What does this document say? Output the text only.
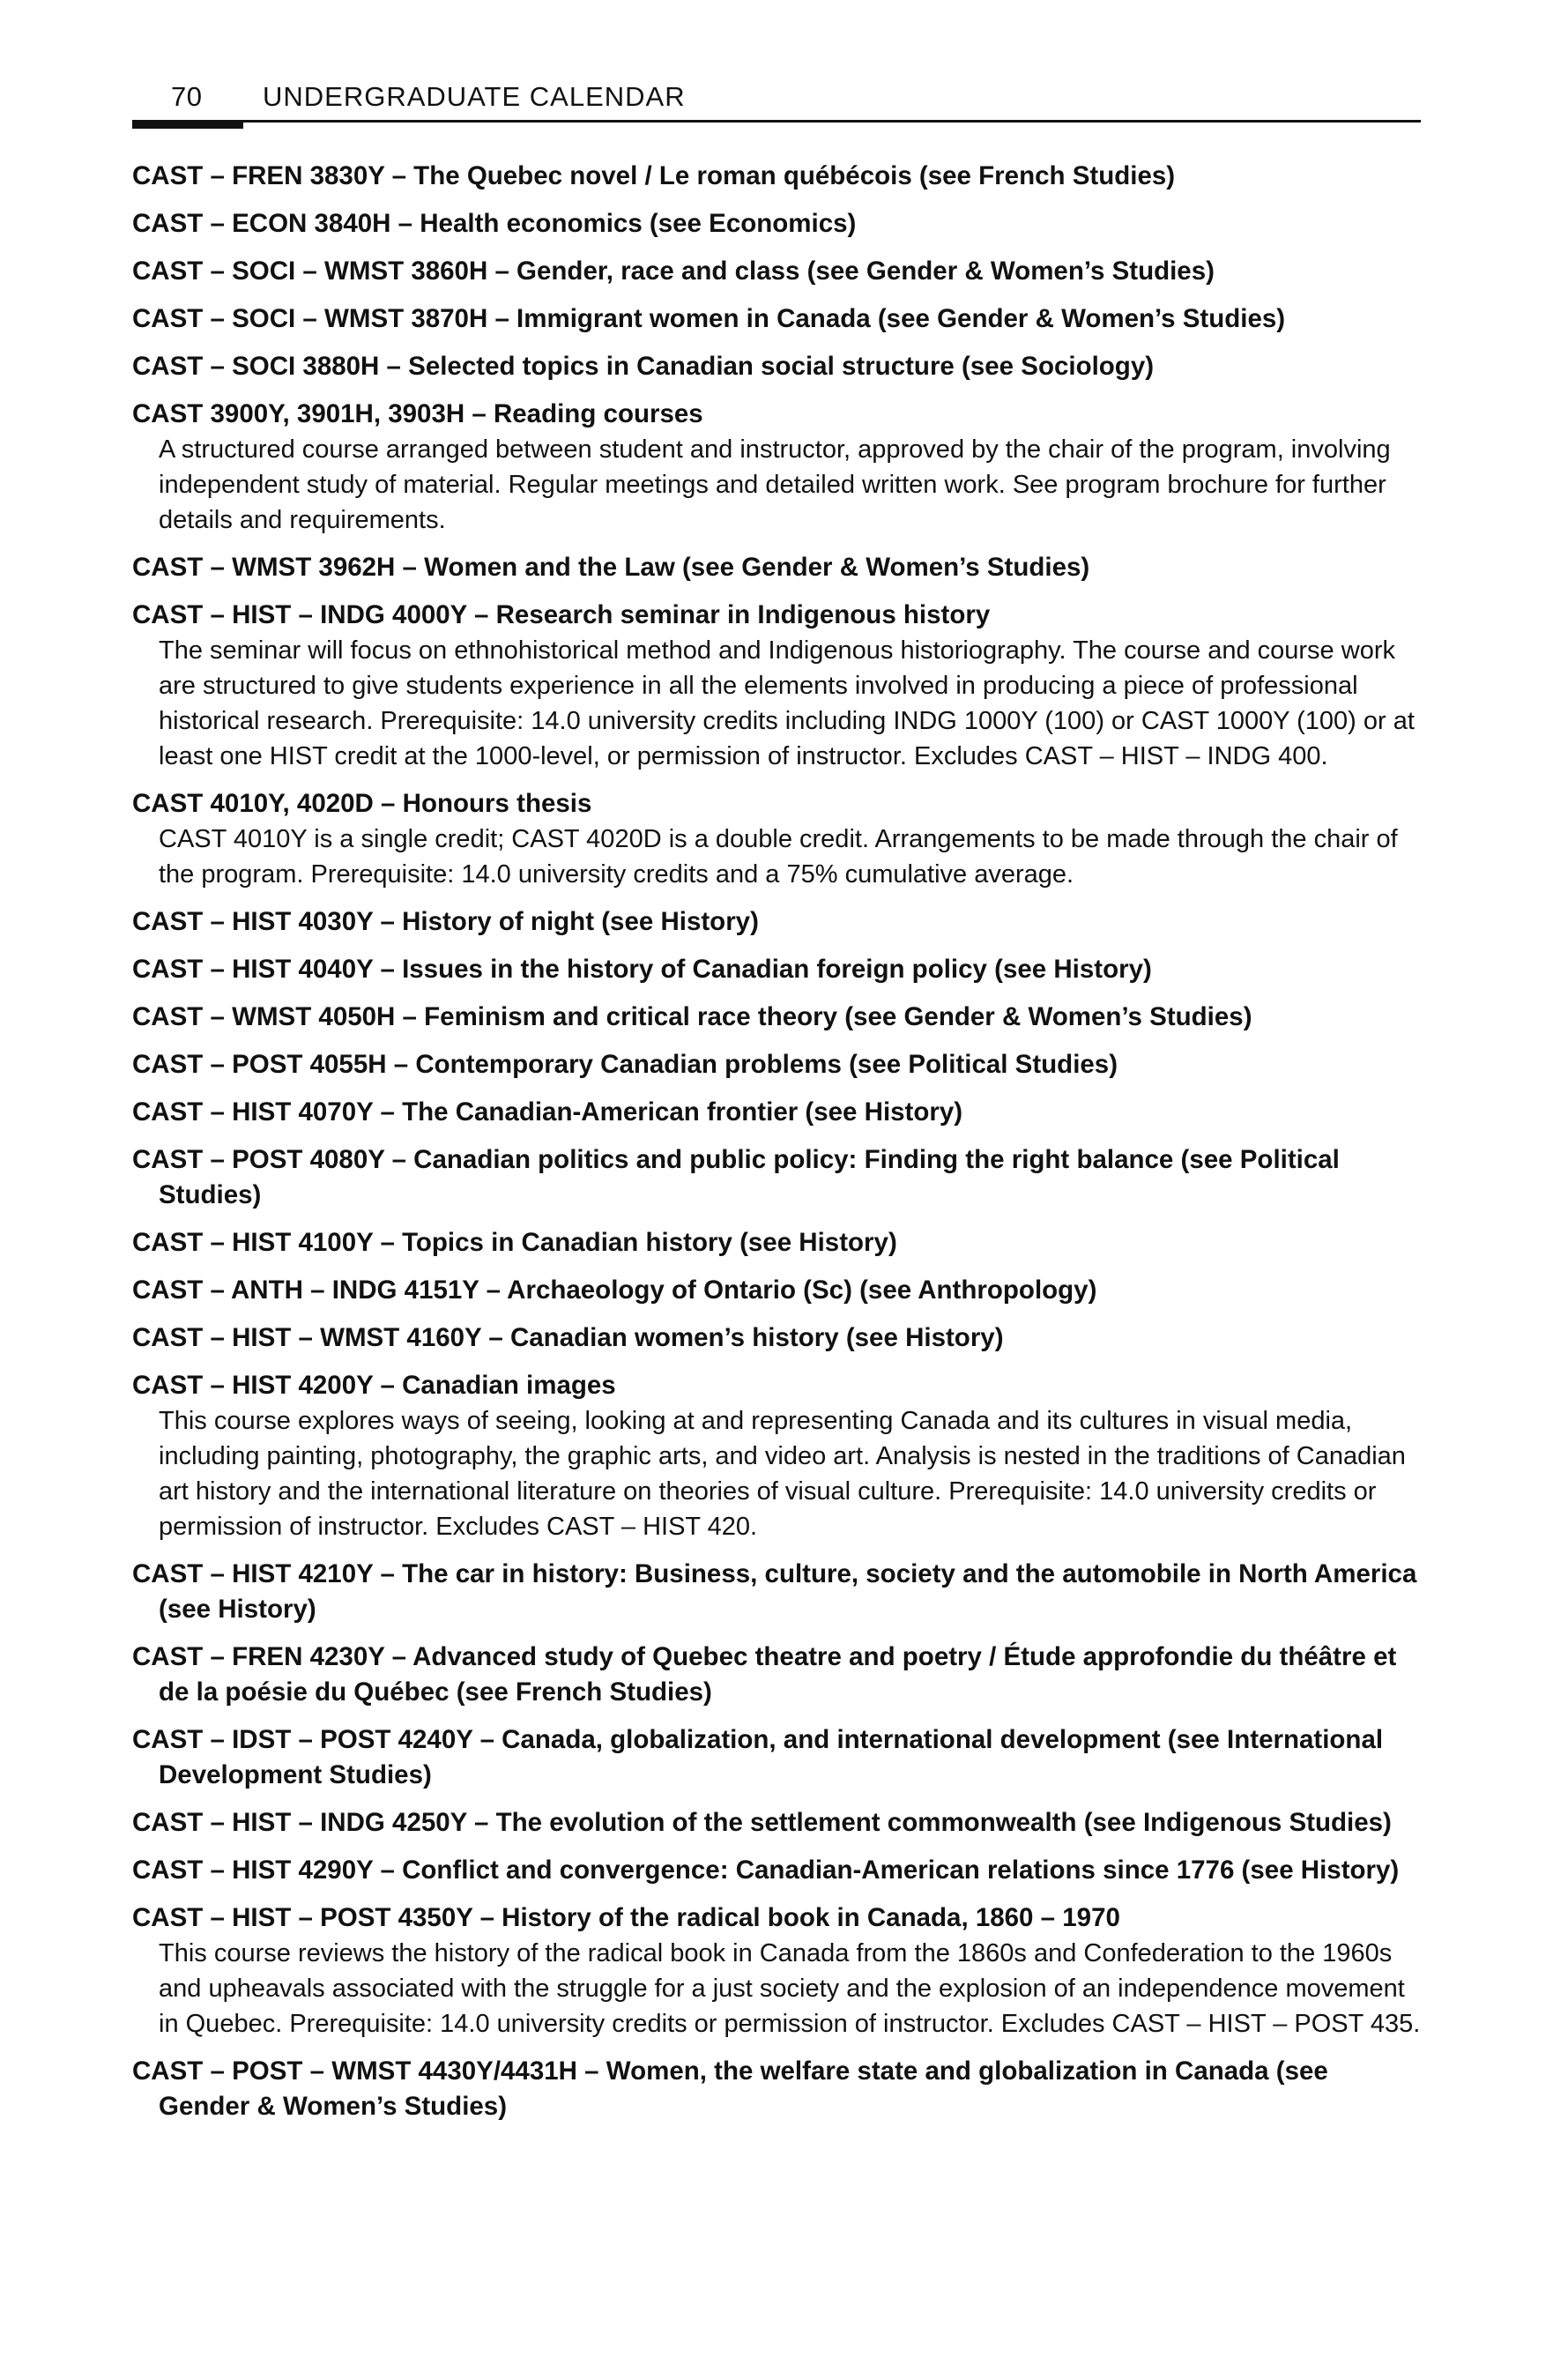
70 UNDERGRADUATE CALENDAR
CAST – FREN 3830Y – The Quebec novel / Le roman québécois (see French Studies)
CAST – ECON 3840H – Health economics (see Economics)
CAST – SOCI – WMST 3860H – Gender, race and class (see Gender & Women’s Studies)
CAST – SOCI – WMST 3870H – Immigrant women in Canada (see Gender & Women’s Studies)
CAST – SOCI 3880H – Selected topics in Canadian social structure (see Sociology)
CAST 3900Y, 3901H, 3903H – Reading courses
A structured course arranged between student and instructor, approved by the chair of the program, involving independent study of material. Regular meetings and detailed written work. See program brochure for further details and requirements.
CAST – WMST 3962H – Women and the Law (see Gender & Women’s Studies)
CAST – HIST – INDG 4000Y – Research seminar in Indigenous history
The seminar will focus on ethnohistorical method and Indigenous historiography. The course and course work are structured to give students experience in all the elements involved in producing a piece of professional historical research. Prerequisite: 14.0 university credits including INDG 1000Y (100) or CAST 1000Y (100) or at least one HIST credit at the 1000-level, or permission of instructor. Excludes CAST – HIST – INDG 400.
CAST 4010Y, 4020D – Honours thesis
CAST 4010Y is a single credit; CAST 4020D is a double credit. Arrangements to be made through the chair of the program. Prerequisite: 14.0 university credits and a 75% cumulative average.
CAST – HIST 4030Y – History of night (see History)
CAST – HIST 4040Y – Issues in the history of Canadian foreign policy (see History)
CAST – WMST 4050H – Feminism and critical race theory (see Gender & Women’s Studies)
CAST – POST 4055H – Contemporary Canadian problems (see Political Studies)
CAST – HIST 4070Y – The Canadian-American frontier (see History)
CAST – POST 4080Y – Canadian politics and public policy: Finding the right balance (see Political Studies)
CAST – HIST 4100Y – Topics in Canadian history (see History)
CAST – ANTH – INDG 4151Y – Archaeology of Ontario (Sc) (see Anthropology)
CAST – HIST – WMST 4160Y – Canadian women’s history (see History)
CAST – HIST 4200Y – Canadian images
This course explores ways of seeing, looking at and representing Canada and its cultures in visual media, including painting, photography, the graphic arts, and video art. Analysis is nested in the traditions of Canadian art history and the international literature on theories of visual culture. Prerequisite: 14.0 university credits or permission of instructor. Excludes CAST – HIST 420.
CAST – HIST 4210Y – The car in history: Business, culture, society and the automobile in North America (see History)
CAST – FREN 4230Y – Advanced study of Quebec theatre and poetry / Étude approfondie du théâtre et de la poésie du Québec (see French Studies)
CAST – IDST – POST 4240Y – Canada, globalization, and international development (see International Development Studies)
CAST – HIST – INDG 4250Y – The evolution of the settlement commonwealth (see Indigenous Studies)
CAST – HIST 4290Y – Conflict and convergence: Canadian-American relations since 1776 (see History)
CAST – HIST – POST 4350Y – History of the radical book in Canada, 1860 – 1970
This course reviews the history of the radical book in Canada from the 1860s and Confederation to the 1960s and upheavals associated with the struggle for a just society and the explosion of an independence movement in Quebec. Prerequisite: 14.0 university credits or permission of instructor. Excludes CAST – HIST – POST 435.
CAST – POST – WMST 4430Y/4431H – Women, the welfare state and globalization in Canada (see Gender & Women’s Studies)
